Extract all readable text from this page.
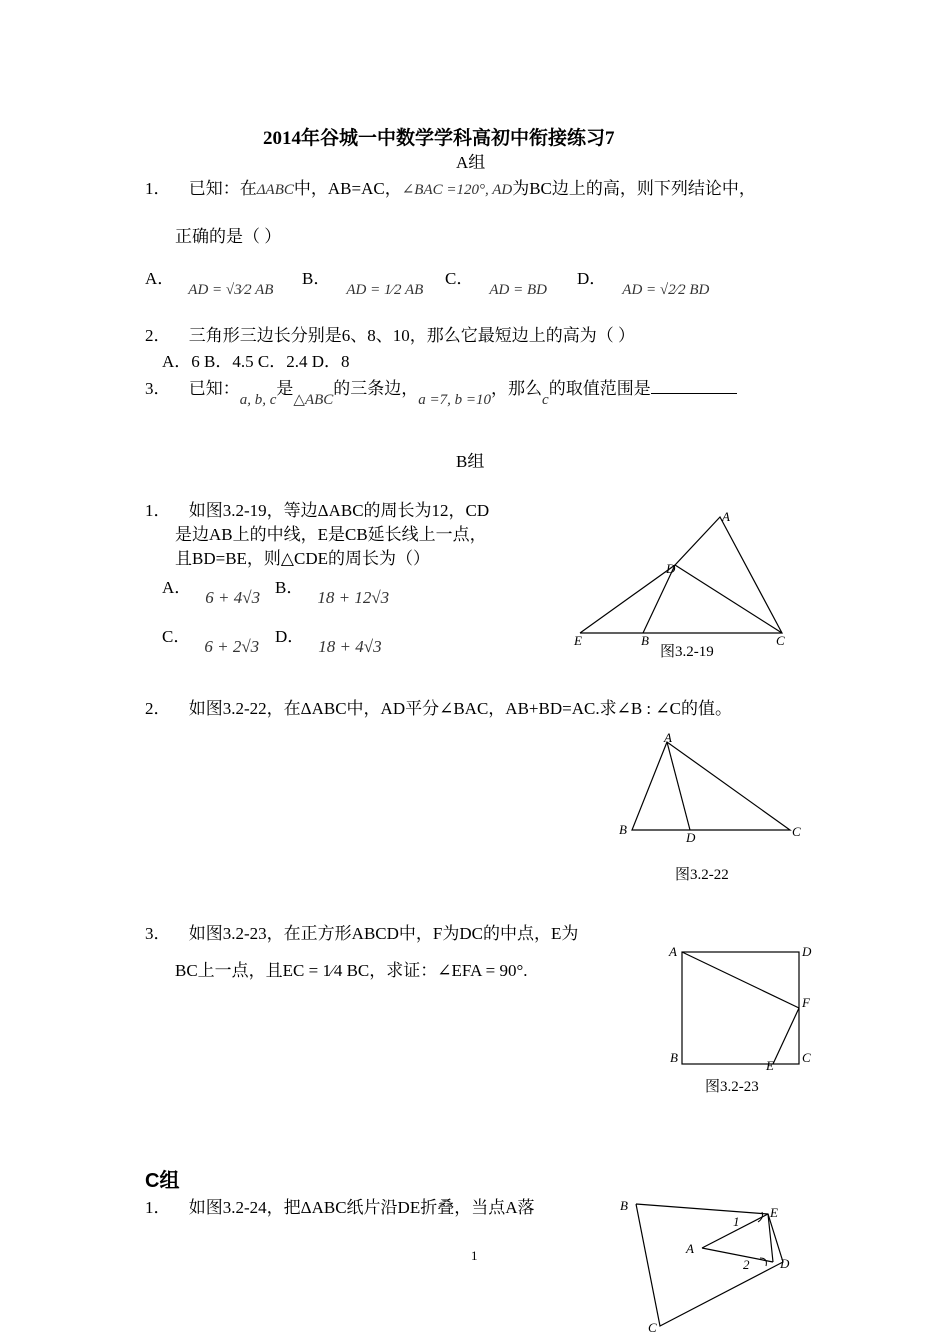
2014年谷城一中数学学科高初中衔接练习7
A组
1． 已知：在ΔABC中，AB=AC，∠BAC =120°, AD为BC边上的高，则下列结论中，
正确的是（ ）
A．AD = √3⁄2 AB
B．AD = 1⁄2 AB
C．AD = BD
D．AD = √2⁄2 BD
2． 三角形三边长分别是6、8、10，那么它最短边上的高为（ ）
A．6 B．4.5 C．2.4 D．8
3． 已知：a, b, c是△ABC的三条边，a =7, b =10，那么c的取值范围是
B组
1． 如图3.2-19，等边ΔABC的周长为12，CD
是边AB上的中线，E是CB延长线上一点，
且BD=BE，则△CDE的周长为（）
A．6 + 4√3
B．18 + 12√3
C．6 + 2√3
D．18 + 4√3
A
D
E	B	C
图3.2-19
2． 如图3.2-22，在ΔABC中，AD平分∠BAC，AB+BD=AC.求∠B : ∠C的值。
A
B
D	C
图3.2-22
3． 如图3.2-23，在正方形ABCD中，F为DC的中点，E为
BC上一点，且EC = 1⁄4 BC，求证：∠EFA = 90°.
A	D
F
B
E
C
图3.2-23
C组
1． 如图3.2-24，把ΔABC纸片沿DE折叠，当点A落	B	E
1
A
2 D
C
1
